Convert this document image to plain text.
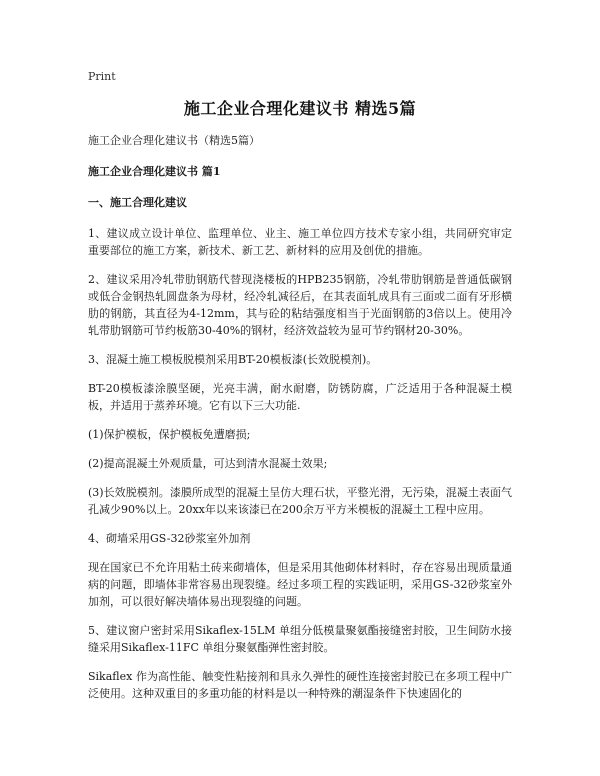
Print
施工企业合理化建议书 精选5篇

施工企业合理化建议书（精选5篇）

施工企业合理化建议书 篇1

一、施工合理化建议

1、建议成立设计单位、监理单位、业主、施工单位四方技术专家小组，共同研究审定重要部位的施工方案，新技术、新工艺、新材料的应用及创优的措施。

2、建议采用冷轧带肋钢筋代替现浇楼板的HPB235钢筋，冷轧带肋钢筋是普通低碳钢或低合金钢热轧圆盘条为母材，经冷轧减径后，在其表面轧成具有三面或二面有牙形横肋的钢筋，其直径为4-12mm，其与砼的粘结强度相当于光面钢筋的3倍以上。使用冷轧带肋钢筋可节约板筋30-40%的钢材，经济效益较为显可节约钢材20-30%。

3、混凝土施工模板脱模剂采用BT-20模板漆(长效脱模剂)。

BT-20模板漆涂膜坚硬，光亮丰满，耐水耐磨，防锈防腐，广泛适用于各种混凝土模板，并适用于蒸养环境。它有以下三大功能.

(1)保护模板，保护模板免遭磨损;

(2)提高混凝土外观质量，可达到清水混凝土效果;

(3)长效脱模剂。漆膜所成型的混凝土呈仿大理石状，平整光滑，无污染，混凝土表面气孔减少90%以上。20xx年以来该漆已在200余万平方米模板的混凝土工程中应用。

4、砌墙采用GS-32砂浆室外加剂

现在国家已不允许用粘土砖来砌墙体，但是采用其他砌体材料时，存在容易出现质量通病的问题，即墙体非常容易出现裂缝。经过多项工程的实践证明，采用GS-32砂浆室外加剂，可以很好解决墙体易出现裂缝的问题。

5、建议窗户密封采用Sikaflex-15LM 单组分低模量聚氨酯接缝密封胶，卫生间防水接缝采用Sikaflex-11FC 单组分聚氨酯弹性密封胶。

Sikaflex 作为高性能、触变性粘接剂和具永久弹性的硬性连接密封胶已在多项工程中广泛使用。这种双重目的多重功能的材料是以一种特殊的潮湿条件下快速固化的
